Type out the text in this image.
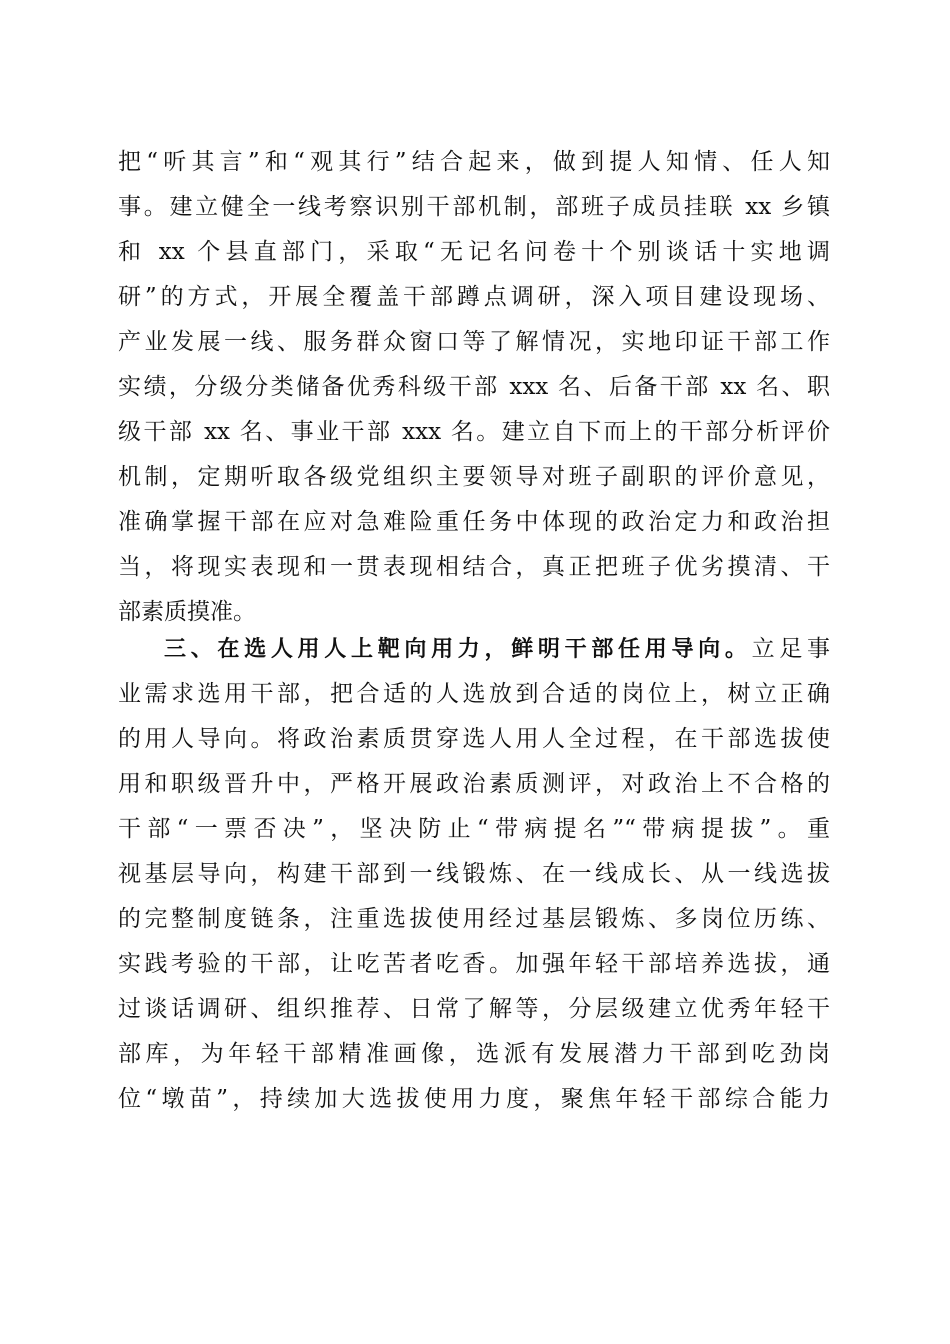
把“听其言”和“观其行”结合起来，做到提人知情、任人知
事。建立健全一线考察识别干部机制，部班子成员挂联 xx 乡镇
和 xx 个县直部门，采取“无记名问卷十个别谈话十实地调
研”的方式，开展全覆盖干部蹲点调研，深入项目建设现场、
产业发展一线、服务群众窗口等了解情况，实地印证干部工作
实绩，分级分类储备优秀科级干部 xxx 名、后备干部 xx 名、职
级干部 xx 名、事业干部 xxx 名。建立自下而上的干部分析评价
机制，定期听取各级党组织主要领导对班子副职的评价意见，
准确掌握干部在应对急难险重任务中体现的政治定力和政治担
当，将现实表现和一贯表现相结合，真正把班子优劣摸清、干
部素质摸准。
三、在选人用人上靶向用力，鲜明干部任用导向。立足事
业需求选用干部，把合适的人选放到合适的岗位上，树立正确
的用人导向。将政治素质贯穿选人用人全过程，在干部选拔使
用和职级晋升中，严格开展政治素质测评，对政治上不合格的
干部“一票否决”，坚决防止“带病提名”“带病提拔”。重
视基层导向，构建干部到一线锻炼、在一线成长、从一线选拔
的完整制度链条，注重选拔使用经过基层锻炼、多岗位历练、
实践考验的干部，让吃苦者吃香。加强年轻干部培养选拔，通
过谈话调研、组织推荐、日常了解等，分层级建立优秀年轻干
部库，为年轻干部精准画像，选派有发展潜力干部到吃劲岗
位“墩苗”，持续加大选拔使用力度，聚焦年轻干部综合能力
